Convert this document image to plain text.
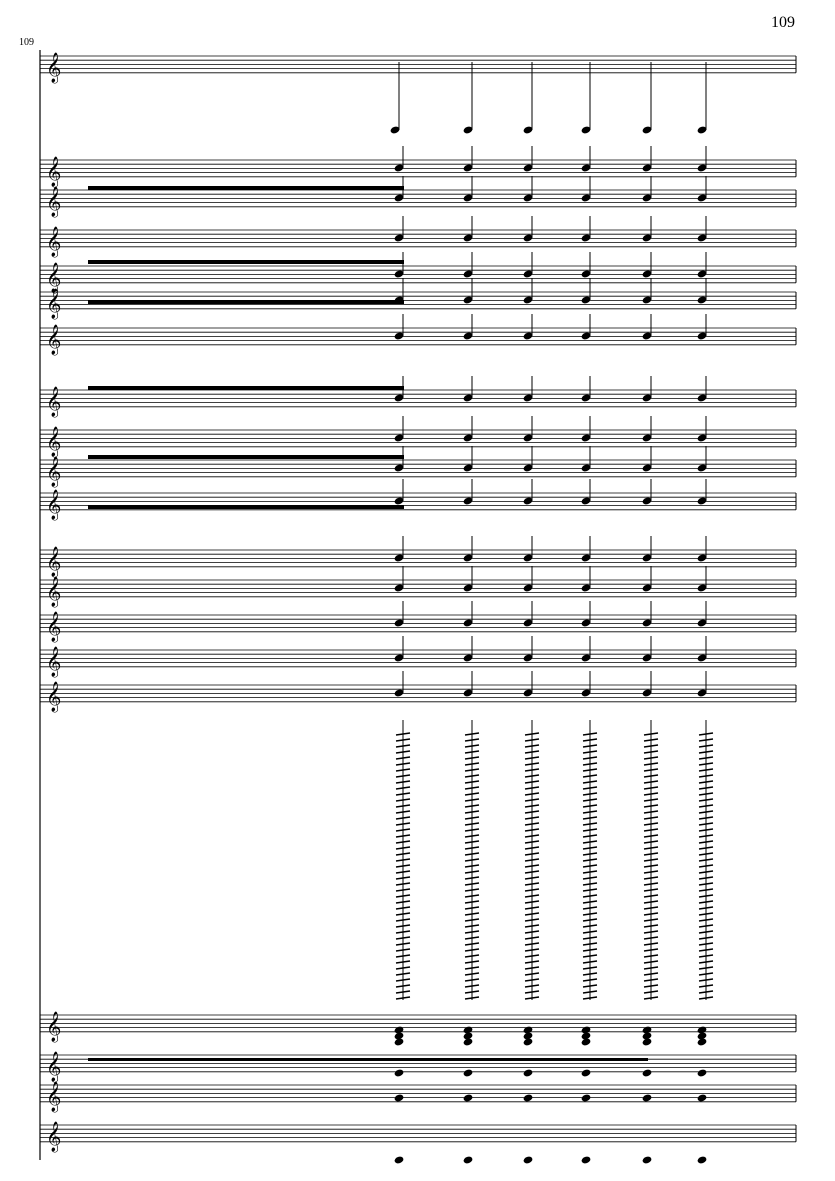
109
109
𝄞
𝄞
𝄞
𝄞
𝄞
𝄞
𝄞
𝄞
𝄞
𝄞
𝄞
𝄞
𝄞
𝄞
𝄞
𝄞
𝄞
𝄞
𝄞
𝄞
